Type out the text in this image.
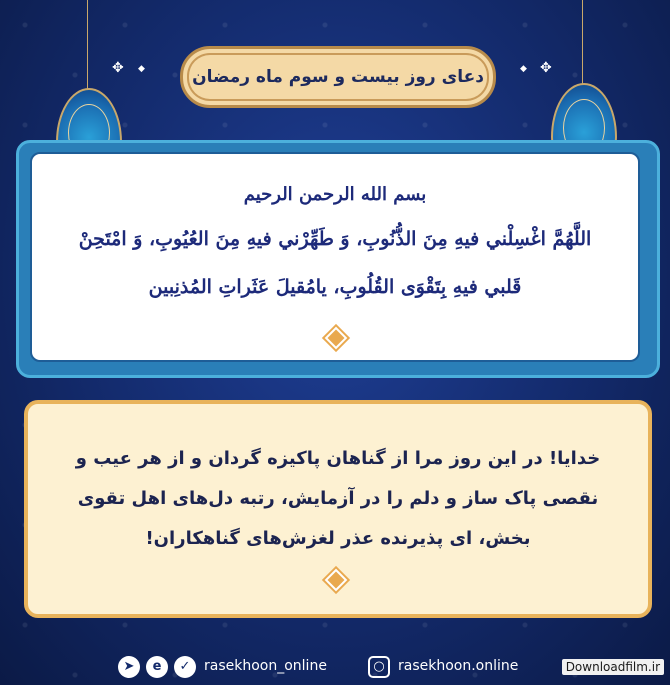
✥ ◆	دعای روز بیست و سوم ماه رمضان	◆ ✥
بسم الله الرحمن الرحيم
اللَّهُمَّ اغْسِلْني فيهِ مِنَ الذُّنُوبِ، وَ طَهِّرْني فيهِ مِنَ العُيُوبِ، وَ امْتَحِنْ
قَلبي فيهِ بِتَقْوَى القُلُوبِ، يامُقيلَ عَثَراتِ المُذنِبين
خدایا! در این روز مرا از گناهان پاکیزه گردان و از هر عیب و
نقصی پاک ساز و دلم را در آزمایش، رتبه دل‌های اهل تقوی
بخش، ای پذیرنده عذر لغزش‌های گناهکاران!
➤	e	✓ rasekhoon_online	○ rasekhoon.online	Downloadfilm.ir
